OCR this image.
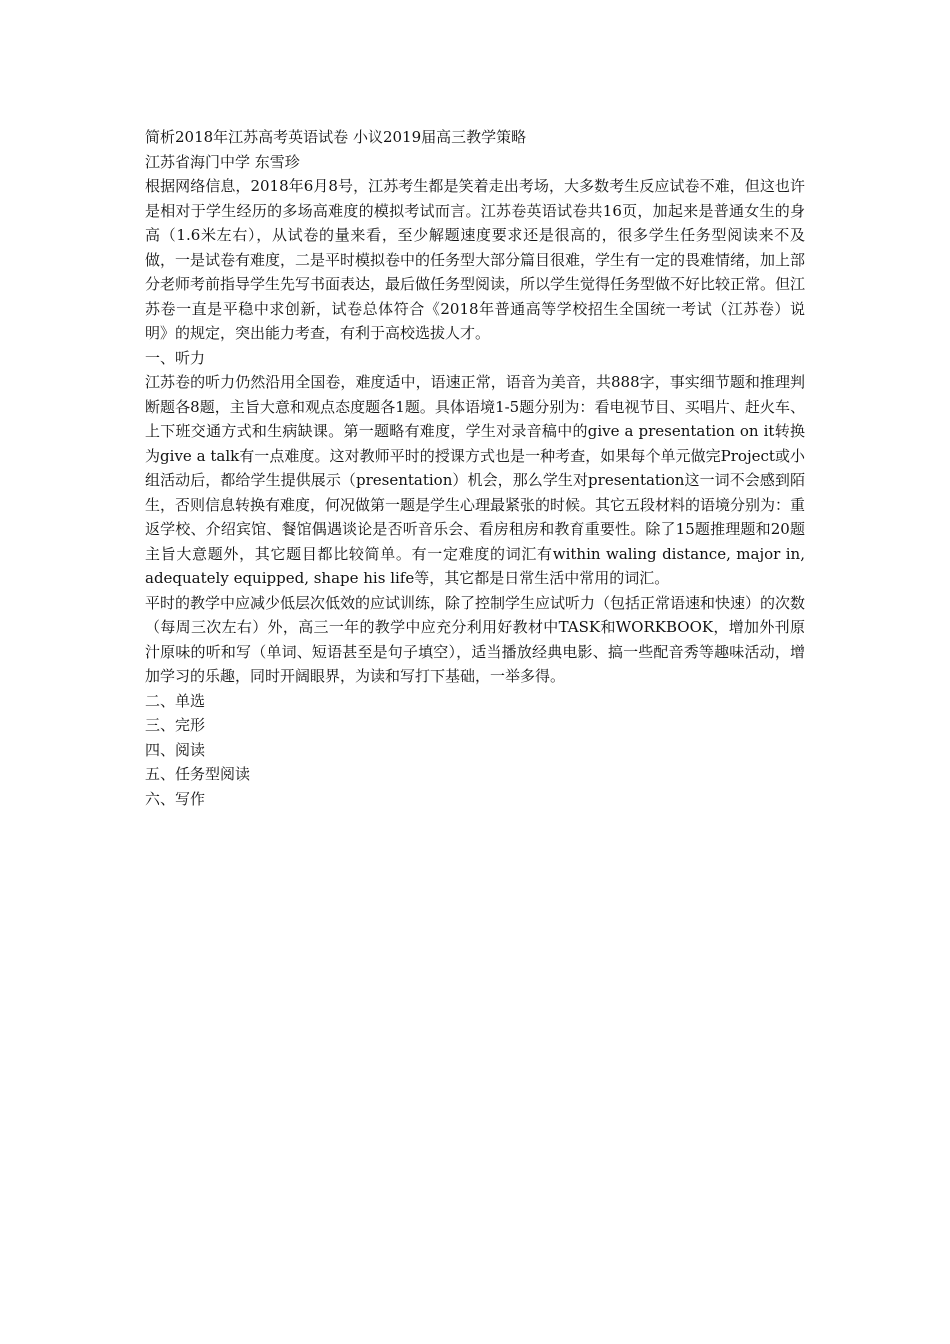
简析2018年江苏高考英语试卷 小议2019届高三教学策略

江苏省海门中学 东雪珍

根据网络信息，2018年6月8号，江苏考生都是笑着走出考场，大多数考生反应试卷不难，但这也许是相对于学生经历的多场高难度的模拟考试而言。江苏卷英语试卷共16页，加起来是普通女生的身高（1.6米左右），从试卷的量来看，至少解题速度要求还是很高的，很多学生任务型阅读来不及做，一是试卷有难度，二是平时模拟卷中的任务型大部分篇目很难，学生有一定的畏难情绪，加上部分老师考前指导学生先写书面表达，最后做任务型阅读，所以学生觉得任务型做不好比较正常。但江苏卷一直是平稳中求创新，试卷总体符合《2018年普通高等学校招生全国统一考试（江苏卷）说明》的规定，突出能力考查，有利于高校选拔人才。

一、听力

江苏卷的听力仍然沿用全国卷，难度适中，语速正常，语音为美音，共888字，事实细节题和推理判断题各8题，主旨大意和观点态度题各1题。具体语境1-5题分别为：看电视节目、买唱片、赶火车、上下班交通方式和生病缺课。第一题略有难度，学生对录音稿中的give a presentation on it转换为give a talk有一点难度。这对教师平时的授课方式也是一种考查，如果每个单元做完Project或小组活动后，都给学生提供展示（presentation）机会，那么学生对presentation这一词不会感到陌生，否则信息转换有难度，何况做第一题是学生心理最紧张的时候。其它五段材料的语境分别为：重返学校、介绍宾馆、餐馆偶遇谈论是否听音乐会、看房租房和教育重要性。除了15题推理题和20题主旨大意题外，其它题目都比较简单。有一定难度的词汇有within waling distance, major in, adequately equipped, shape his life等，其它都是日常生活中常用的词汇。

平时的教学中应减少低层次低效的应试训练，除了控制学生应试听力（包括正常语速和快速）的次数（每周三次左右）外，高三一年的教学中应充分利用好教材中TASK和WORKBOOK，增加外刊原汁原味的听和写（单词、短语甚至是句子填空），适当播放经典电影、搞一些配音秀等趣味活动，增加学习的乐趣，同时开阔眼界，为读和写打下基础，一举多得。

二、单选

三、完形

四、阅读

五、任务型阅读

六、写作
